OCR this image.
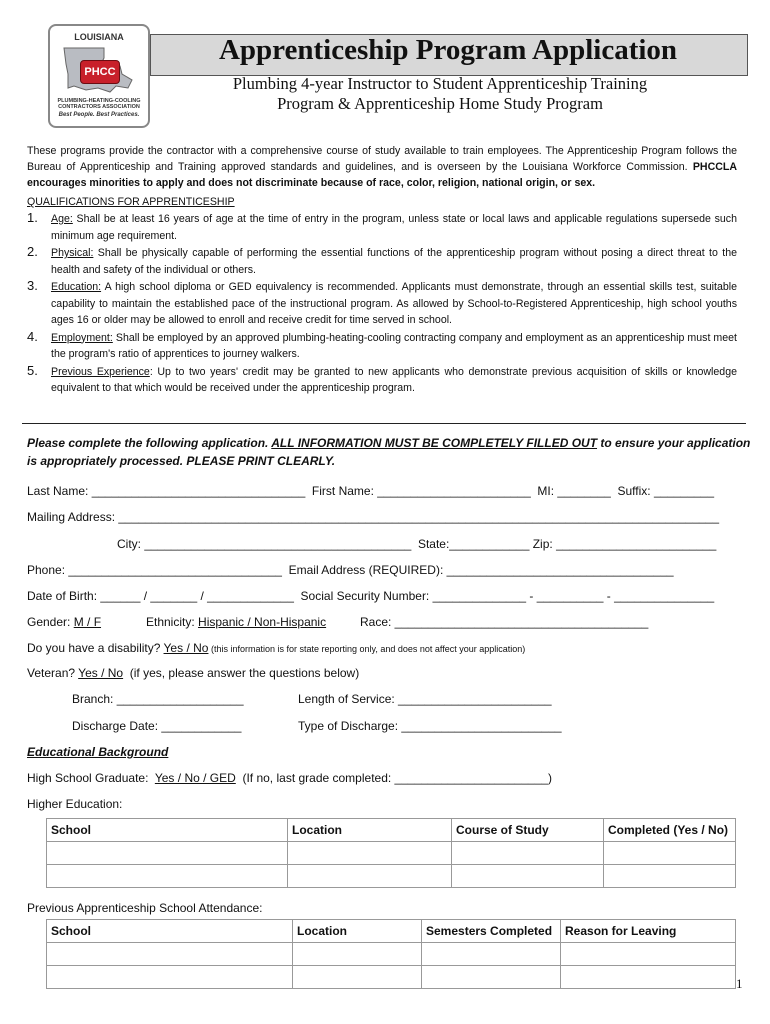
LOUISIANA
PHCC
PLUMBING-HEATING-COOLING
CONTRACTORS ASSOCIATION
Best People. Best Practices.
Apprenticeship Program Application
Plumbing 4-year Instructor to Student Apprenticeship Training
Program & Apprenticeship Home Study Program
These programs provide the contractor with a comprehensive course of study available to train employees. The Apprenticeship Program follows the Bureau of Apprenticeship and Training approved standards and guidelines, and is overseen by the Louisiana Workforce Commission. PHCCLA encourages minorities to apply and does not discriminate because of race, color, religion, national origin, or sex.
QUALIFICATIONS FOR APPRENTICESHIP
1. Age: Shall be at least 16 years of age at the time of entry in the program, unless state or local laws and applicable regulations supersede such minimum age requirement.
2. Physical: Shall be physically capable of performing the essential functions of the apprenticeship program without posing a direct threat to the health and safety of the individual or others.
3. Education: A high school diploma or GED equivalency is recommended. Applicants must demonstrate, through an essential skills test, suitable capability to maintain the established pace of the instructional program. As allowed by School-to-Registered Apprenticeship, high school youths ages 16 or older may be allowed to enroll and receive credit for time served in school.
4. Employment: Shall be employed by an approved plumbing-heating-cooling contracting company and employment as an apprenticeship must meet the program's ratio of apprentices to journey walkers.
5. Previous Experience: Up to two years' credit may be granted to new applicants who demonstrate previous acquisition of skills or knowledge equivalent to that which would be received under the apprenticeship program.
Please complete the following application. ALL INFORMATION MUST BE COMPLETELY FILLED OUT to ensure your application is appropriately processed. PLEASE PRINT CLEARLY.
Last Name: ________________________________  First Name: _______________________  MI: ________  Suffix: _________
Mailing Address: __________________________________________________________________________________________
City: ________________________________________  State:____________ Zip: ________________________
Phone: ________________________________  Email Address (REQUIRED): __________________________________
Date of Birth: ______ / _______ / _____________  Social Security Number: ______________ - __________ - _______________
Gender: M / F	Ethnicity: Hispanic / Non-Hispanic	Race: ______________________________________
Do you have a disability? Yes / No (this information is for state reporting only, and does not affect your application)
Veteran? Yes / No  (if yes, please answer the questions below)
Branch: ___________________	Length of Service: _______________________
Discharge Date: ____________	Type of Discharge: ________________________
Educational Background
High School Graduate:  Yes / No / GED  (If no, last grade completed: _______________________)
Higher Education:
School	Location	Course of Study	Completed (Yes / No)

Previous Apprenticeship School Attendance:
School	Location	Semesters Completed	Reason for Leaving

1
